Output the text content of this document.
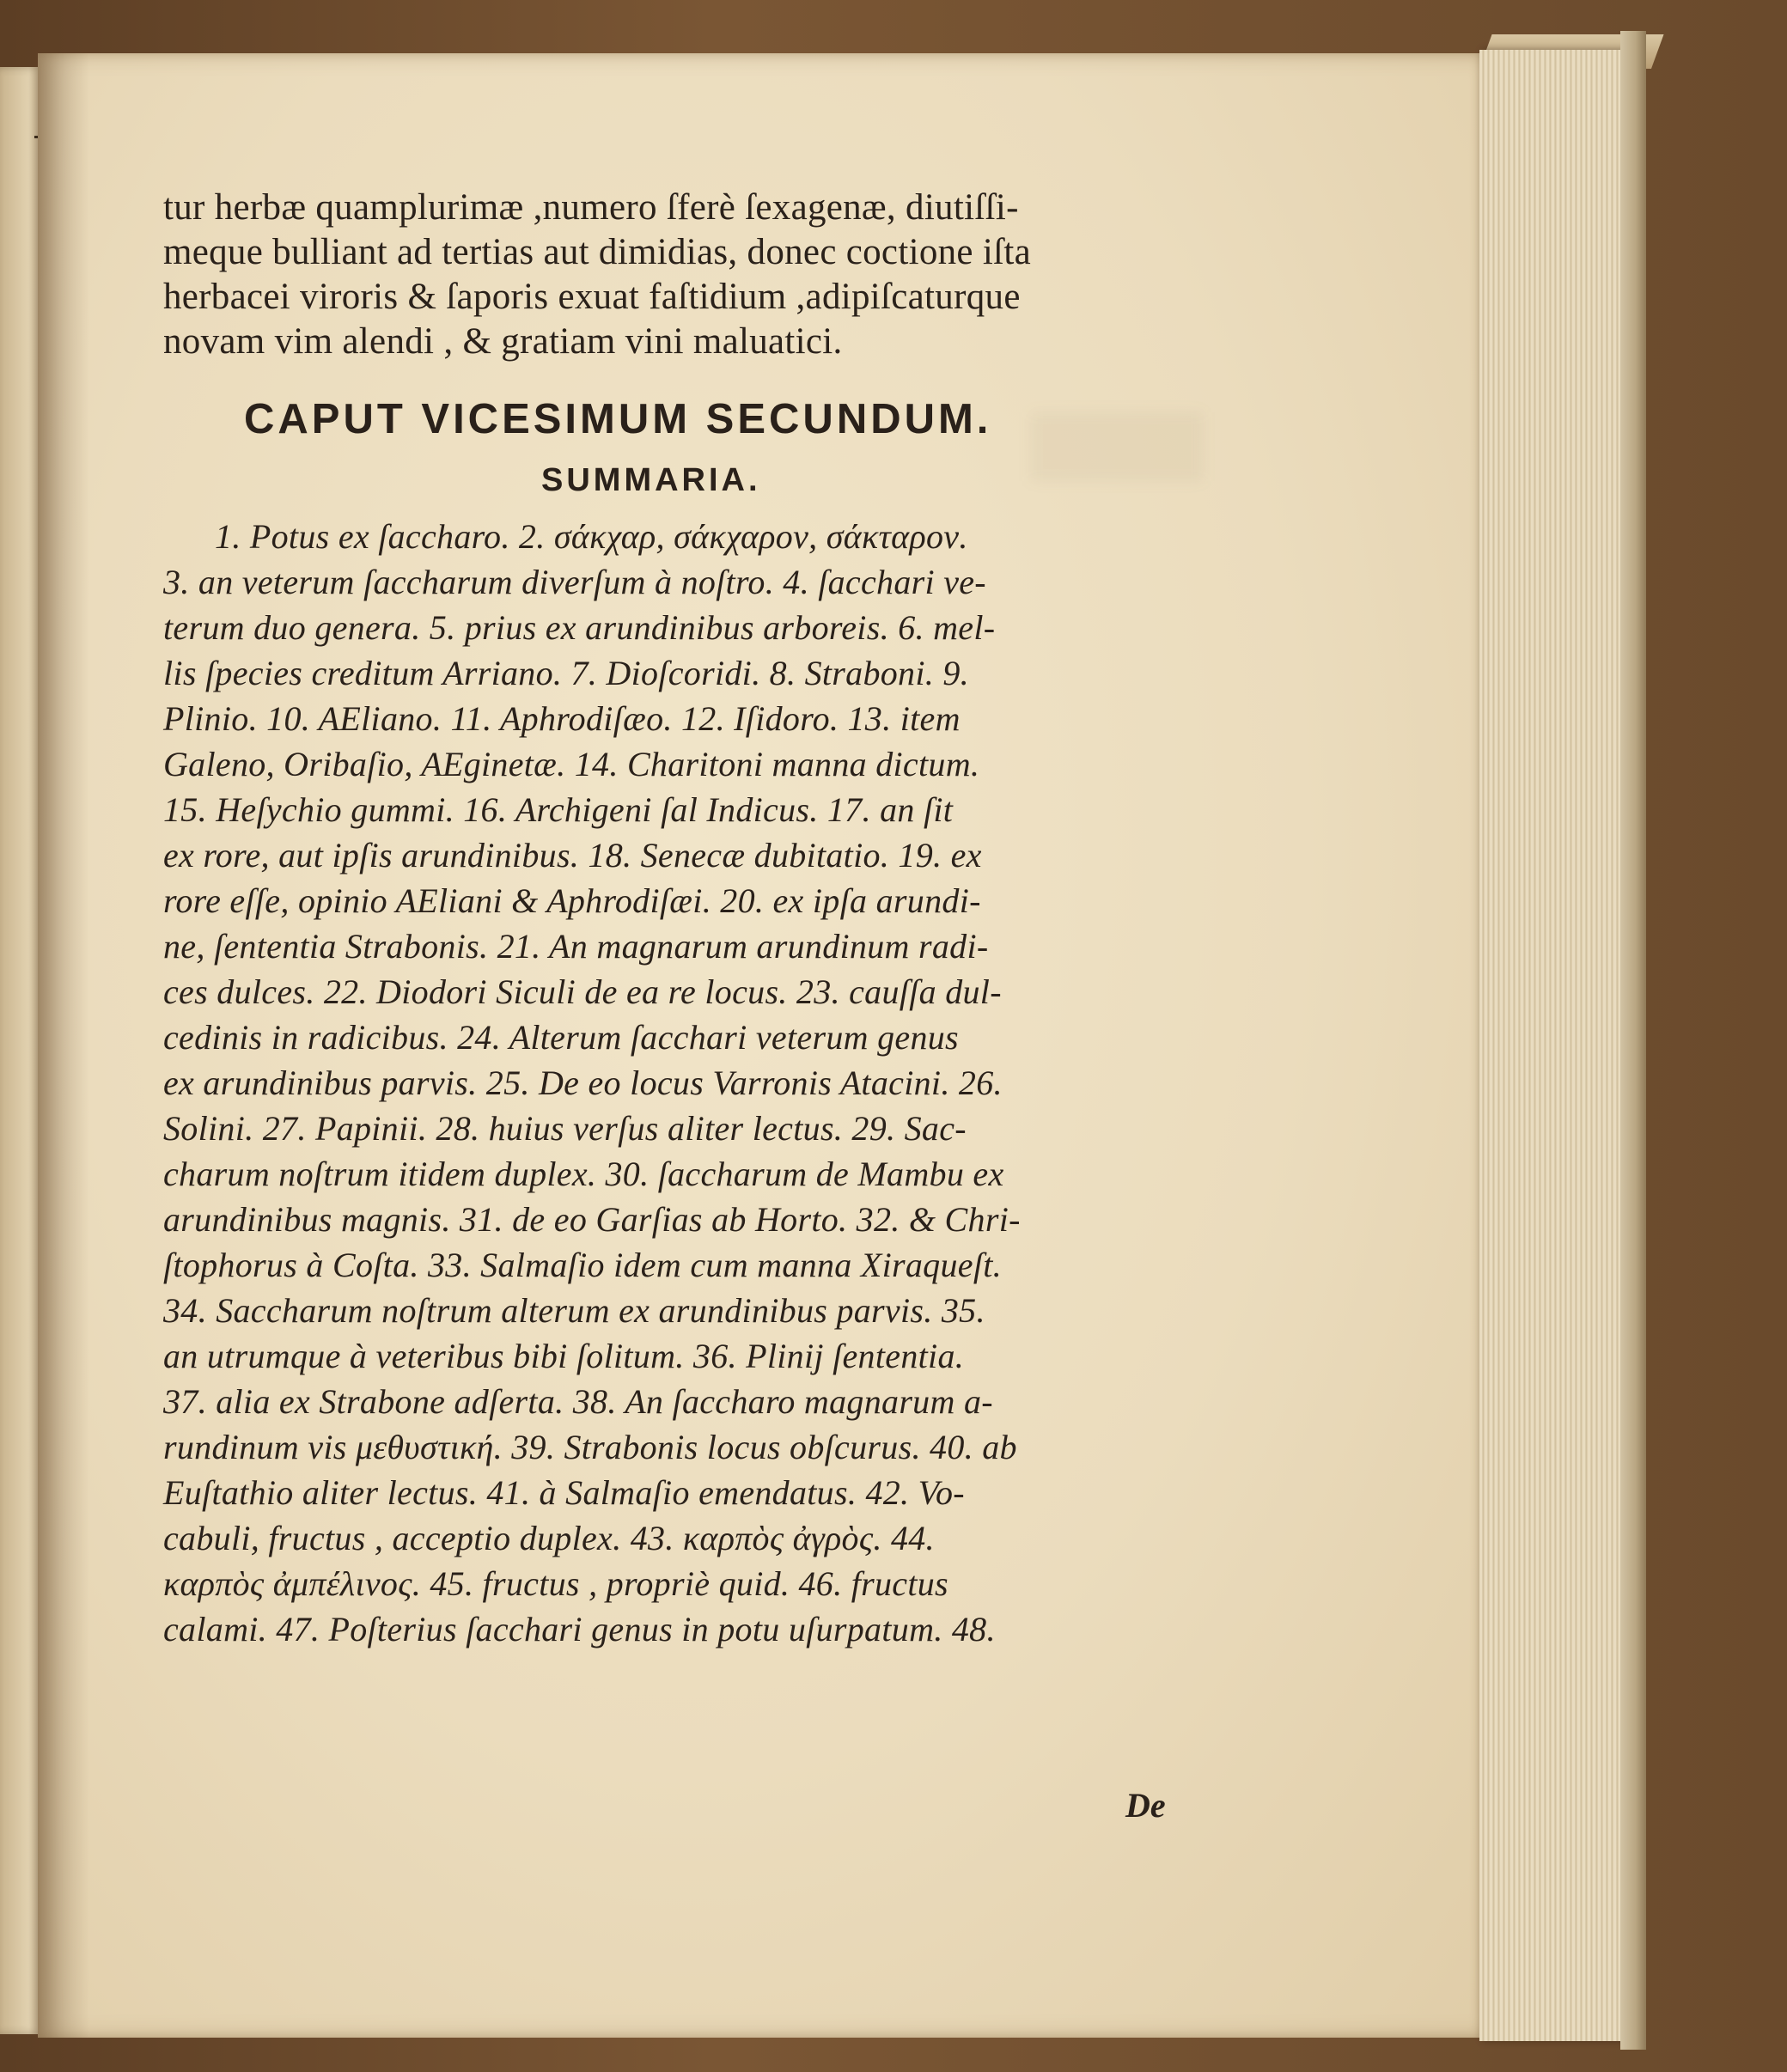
tur herbæ quamplurimæ ,numero ſferè ſexagenæ, diutiſſi-
meque bulliant ad tertias aut dimidias, donec coctione iſta
herbacei viroris & ſaporis exuat faſtidium ,adipiſcaturque
novam vim alendi , & gratiam vini maluatici.
CAPUT VICESIMUM SECUNDUM.
SUMMARIA.
1. Potus ex ſaccharo. 2. σάκχαρ, σάκχαρον, σάκταρον.
3. an veterum ſaccharum diverſum à noſtro. 4. ſacchari ve-
terum duo genera. 5. prius ex arundinibus arboreis. 6. mel-
lis ſpecies creditum Arriano. 7. Dioſcoridi. 8. Straboni. 9.
Plinio. 10. AEliano. 11. Aphrodiſæo. 12. Iſidoro. 13. item
Galeno, Oribaſio, AEginetæ. 14. Charitoni manna dictum.
15. Heſychio gummi. 16. Archigeni ſal Indicus. 17. an ſit
ex rore, aut ipſis arundinibus. 18. Senecæ dubitatio. 19. ex
rore eſſe, opinio AEliani & Aphrodiſæi. 20. ex ipſa arundi-
ne, ſententia Strabonis. 21. An magnarum arundinum radi-
ces dulces. 22. Diodori Siculi de ea re locus. 23. cauſſa dul-
cedinis in radicibus. 24. Alterum ſacchari veterum genus
ex arundinibus parvis. 25. De eo locus Varronis Atacini. 26.
Solini. 27. Papinii. 28. huius verſus aliter lectus. 29. Sac-
charum noſtrum itidem duplex. 30. ſaccharum de Mambu ex
arundinibus magnis. 31. de eo Garſias ab Horto. 32. & Chri-
ſtophorus à Coſta. 33. Salmaſio idem cum manna Xiraqueſt.
34. Saccharum noſtrum alterum ex arundinibus parvis. 35.
an utrumque à veteribus bibi ſolitum. 36. Plinij ſententia.
37. alia ex Strabone adſerta. 38. An ſaccharo magnarum a-
rundinum vis μεθυστική. 39. Strabonis locus obſcurus. 40. ab
Euſtathio aliter lectus. 41. à Salmaſio emendatus. 42. Vo-
cabuli, fructus , acceptio duplex. 43. καρπὸς ἀγρὸς. 44.
καρπὸς ἀμπέλινος. 45. fructus , propriè quid. 46. fructus
calami. 47. Poſterius ſacchari genus in potu uſurpatum. 48.
De
